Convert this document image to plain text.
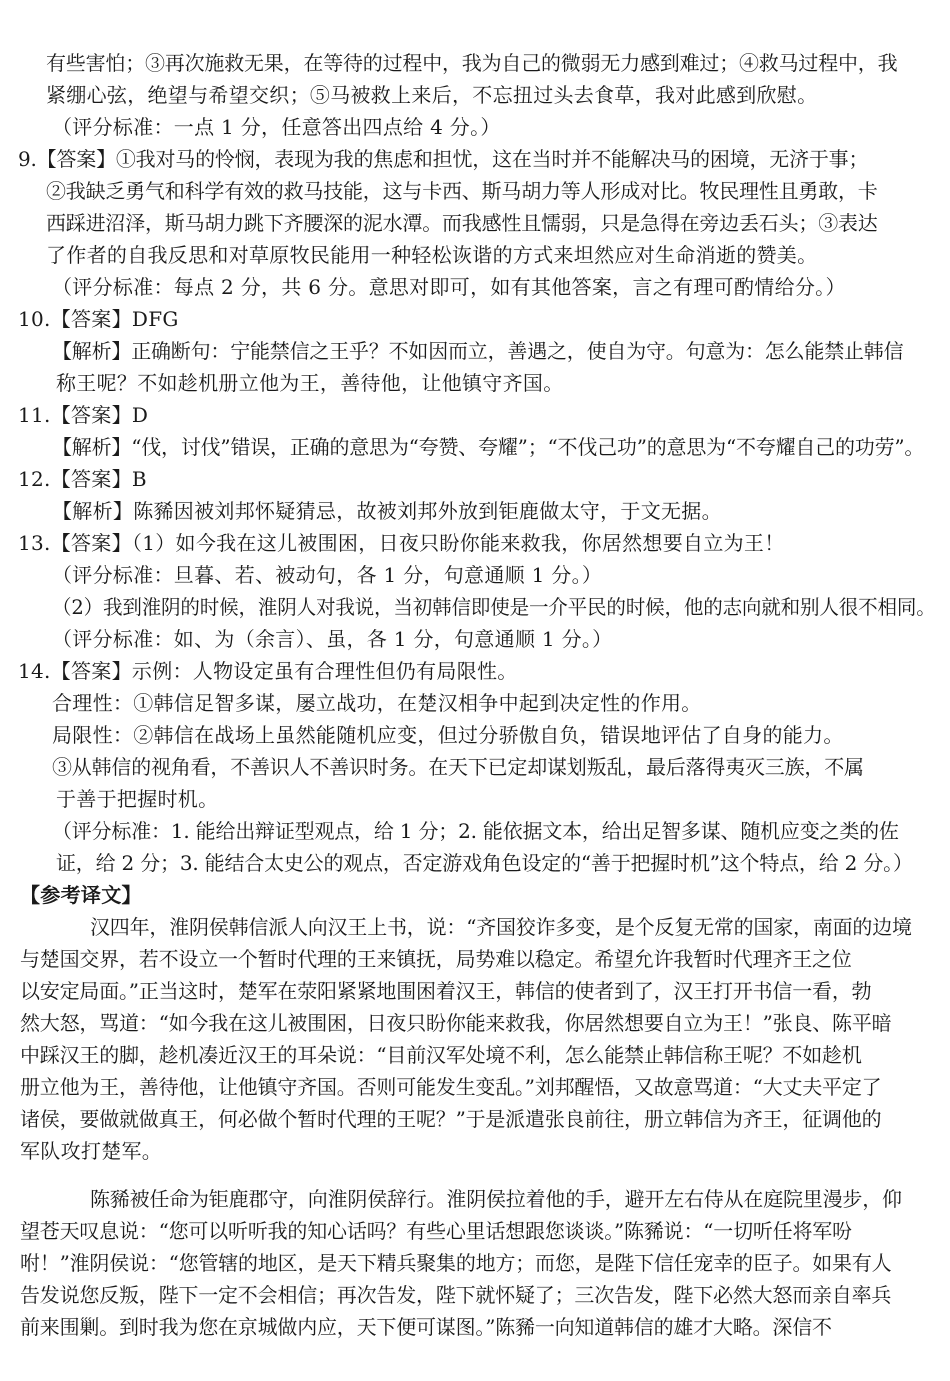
有些害怕；③再次施救无果，在等待的过程中，我为自己的微弱无力感到难过；④救马过程中，我
紧绷心弦，绝望与希望交织；⑤马被救上来后，不忘扭过头去食草，我对此感到欣慰。
（评分标准：一点 1 分，任意答出四点给 4 分。）
9.【答案】①我对马的怜悯，表现为我的焦虑和担忧，这在当时并不能解决马的困境，无济于事；
②我缺乏勇气和科学有效的救马技能，这与卡西、斯马胡力等人形成对比。牧民理性且勇敢，卡
西踩进沼泽，斯马胡力跳下齐腰深的泥水潭。而我感性且懦弱，只是急得在旁边丢石头；③表达
了作者的自我反思和对草原牧民能用一种轻松诙谐的方式来坦然应对生命消逝的赞美。
（评分标准：每点 2 分，共 6 分。意思对即可，如有其他答案，言之有理可酌情给分。）
10.【答案】DFG
【解析】正确断句：宁能禁信之王乎？不如因而立，善遇之，使自为守。句意为：怎么能禁止韩信
称王呢？不如趁机册立他为王，善待他，让他镇守齐国。
11.【答案】D
【解析】“伐，讨伐”错误，正确的意思为“夸赞、夸耀”；“不伐己功”的意思为“不夸耀自己的功劳”。
12.【答案】B
【解析】陈豨因被刘邦怀疑猜忌，故被刘邦外放到钜鹿做太守，于文无据。
13.【答案】（1）如今我在这儿被围困，日夜只盼你能来救我，你居然想要自立为王！
（评分标准：旦暮、若、被动句，各 1 分，句意通顺 1 分。）
（2）我到淮阴的时候，淮阴人对我说，当初韩信即使是一介平民的时候，他的志向就和别人很不相同。
（评分标准：如、为（余言）、虽，各 1 分，句意通顺 1 分。）
14.【答案】示例：人物设定虽有合理性但仍有局限性。
合理性：①韩信足智多谋，屡立战功，在楚汉相争中起到决定性的作用。
局限性：②韩信在战场上虽然能随机应变，但过分骄傲自负，错误地评估了自身的能力。
③从韩信的视角看，不善识人不善识时务。在天下已定却谋划叛乱，最后落得夷灭三族，不属
于善于把握时机。
（评分标准：1. 能给出辩证型观点，给 1 分；2. 能依据文本，给出足智多谋、随机应变之类的佐
证，给 2 分；3. 能结合太史公的观点，否定游戏角色设定的“善于把握时机”这个特点，给 2 分。）
【参考译文】
汉四年，淮阴侯韩信派人向汉王上书，说：“齐国狡诈多变，是个反复无常的国家，南面的边境
与楚国交界，若不设立一个暂时代理的王来镇抚，局势难以稳定。希望允许我暂时代理齐王之位
以安定局面。”正当这时，楚军在荥阳紧紧地围困着汉王，韩信的使者到了，汉王打开书信一看，勃
然大怒，骂道：“如今我在这儿被围困，日夜只盼你能来救我，你居然想要自立为王！”张良、陈平暗
中踩汉王的脚，趁机凑近汉王的耳朵说：“目前汉军处境不利，怎么能禁止韩信称王呢？不如趁机
册立他为王，善待他，让他镇守齐国。否则可能发生变乱。”刘邦醒悟，又故意骂道：“大丈夫平定了
诸侯，要做就做真王，何必做个暂时代理的王呢？”于是派遣张良前往，册立韩信为齐王，征调他的
军队攻打楚军。
陈豨被任命为钜鹿郡守，向淮阴侯辞行。淮阴侯拉着他的手，避开左右侍从在庭院里漫步，仰
望苍天叹息说：“您可以听听我的知心话吗？有些心里话想跟您谈谈。”陈豨说：“一切听任将军吩
咐！”淮阴侯说：“您管辖的地区，是天下精兵聚集的地方；而您，是陛下信任宠幸的臣子。如果有人
告发说您反叛，陛下一定不会相信；再次告发，陛下就怀疑了；三次告发，陛下必然大怒而亲自率兵
前来围剿。到时我为您在京城做内应，天下便可谋图。”陈豨一向知道韩信的雄才大略。深信不
